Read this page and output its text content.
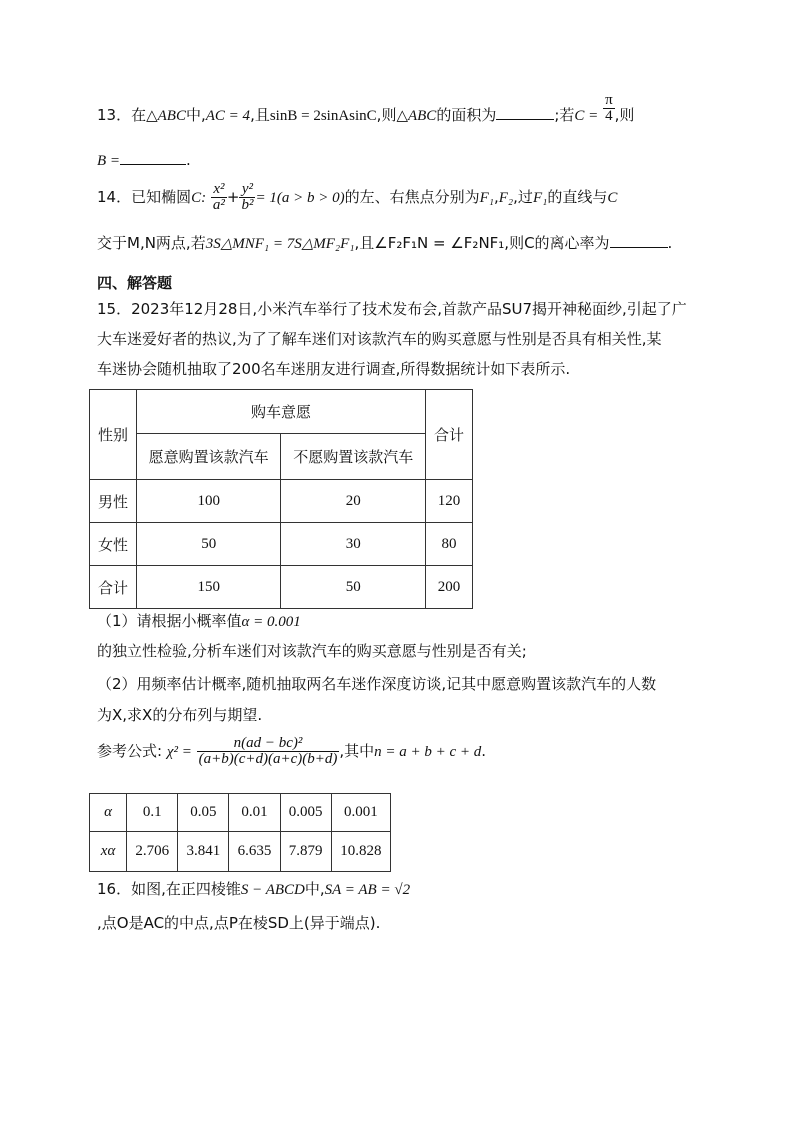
13．在△ABC中,AC = 4,且sinB = 2sinAsinC,则△ABC的面积为	;若$C = \frac{\pi}{4}$ ,则
B =	.
14．已知椭圆C: $\frac{\text{x²}}{\text{a²}} + \frac{\text{y²}}{\text{b²}} = 1(a > b > 0)$的左、右焦点分别为F₁,F₂,过F₁的直线与C
交于M,N两点,若3S△MNF₁ = 7S△MF₂F₁,且∠F₂F₁N = ∠F₂NF₁,则C的离心率为	.
四、解答题
15．2023年12月28日,小米汽车举行了技术发布会,首款产品SU7揭开神秘面纱,引起了广
大车迷爱好者的热议,为了了解车迷们对该款汽车的购买意愿与性别是否具有相关性,某
车迷协会随机抽取了200名车迷朋友进行调查,所得数据统计如下表所示.
性别	购车意愿		合计
	愿意购置该款汽车	不愿购置该款汽车	
男性	100	20	120
女性	50	30	80
合计	150	50	200
（1）请根据小概率值α = 0.001
的独立性检验,分析车迷们对该款汽车的购买意愿与性别是否有关;
（2）用频率估计概率,随机抽取两名车迷作深度访谈,记其中愿意购置该款汽车的人数
为X,求X的分布列与期望.
参考公式: $\chi^2 = \frac{\text{n(ad − bc)²}}{(a+b)(c+d)(a+c)(b+d)}$ ,其中n = a + b + c + d.
α	0.1	0.05	0.01	0.005	0.001
xα	2.706	3.841	6.635	7.879	10.828
16．如图,在正四棱锥S − ABCD中,SA = AB = √2
,点O是AC的中点,点P在棱SD上(异于端点).
